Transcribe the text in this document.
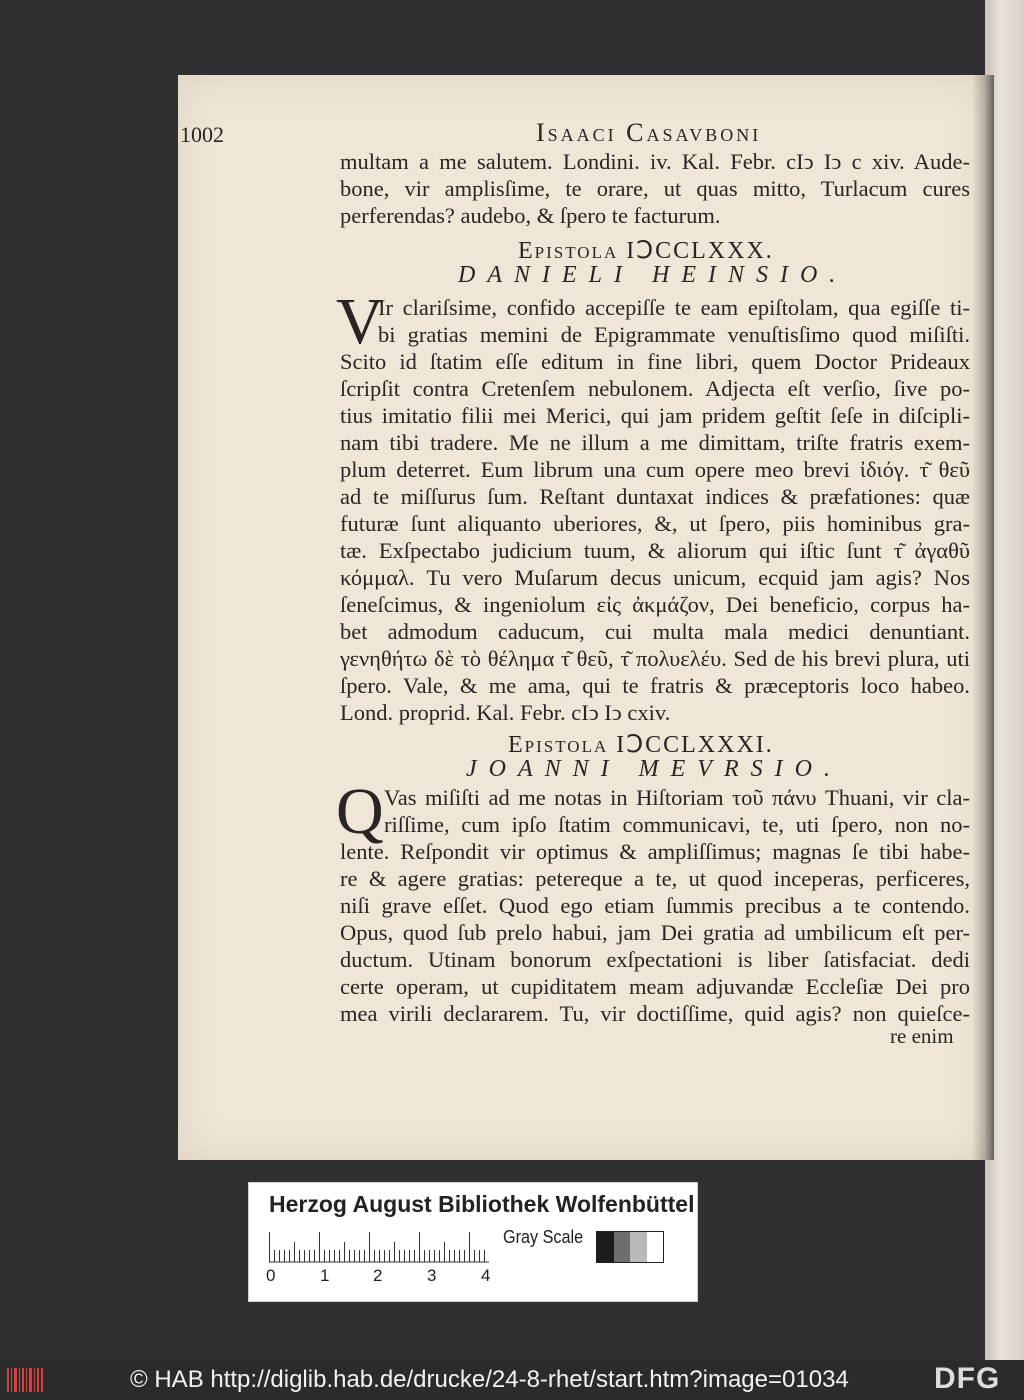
1002	Isaaci Casavboni
multam a me salutem. Londini. iv. Kal. Febr. cIↄ Iↄ c xiv. Aude-
bone, vir amplisſime, te orare, ut quas mitto, Turlacum cures
perferendas? audebo, & ſpero te facturum.
Epistola IↃCCLXXX.
DANIELI HEINSIO.
V
Ir clariſsime, confido accepiſſe te eam epiſtolam, qua egiſſe ti-
bi gratias memini de Epigrammate venuſtisſimo quod miſiſti.
Scito id ſtatim eſſe editum in fine libri, quem Doctor Prideaux
ſcripſit contra Cretenſem nebulonem. Adjecta eſt verſio, ſive po-
tius imitatio filii mei Merici, qui jam pridem geſtit ſeſe in diſcipli-
nam tibi tradere. Me ne illum a me dimittam, triſte fratris exem-
plum deterret. Eum librum una cum opere meo brevi ἰδιόγ. τ͂ θεῦ
ad te miſſurus ſum. Reſtant duntaxat indices & præfationes: quæ
futuræ ſunt aliquanto uberiores, &, ut ſpero, piis hominibus gra-
tæ. Exſpectabo judicium tuum, & aliorum qui iſtic ſunt τ͂ ἀγαθῦ
κόμμαλ. Tu vero Muſarum decus unicum, ecquid jam agis? Nos
ſeneſcimus, & ingeniolum εἰς ἀκμάζον, Dei beneficio, corpus ha-
bet admodum caducum, cui multa mala medici denuntiant.
γενηθήτω δὲ τὸ θέλημα τ͂ θεῦ, τ͂ πολυελέυ. Sed de his brevi plura, uti
ſpero. Vale, & me ama, qui te fratris & præceptoris loco habeo.
Lond. proprid. Kal. Febr. cIↄ Iↄ cxiv.
Epistola IↃCCLXXXI.
JOANNI MEVRSIO.
Q Vas miſiſti ad me notas in Hiſtoriam τοῦ πάνυ Thuani, vir cla-
riſſime, cum ipſo ſtatim communicavi, te, uti ſpero, non no-
lente. Reſpondit vir optimus & ampliſſimus; magnas ſe tibi habe-
re & agere gratias: petereque a te, ut quod inceperas, perficeres,
niſi grave eſſet. Quod ego etiam ſummis precibus a te contendo.
Opus, quod ſub prelo habui, jam Dei gratia ad umbilicum eſt per-
ductum. Utinam bonorum exſpectationi is liber ſatisfaciat. dedi
certe operam, ut cupiditatem meam adjuvandæ Eccleſiæ Dei pro
mea virili declararem. Tu, vir doctiſſime, quid agis? non quieſce-
re enim
Herzog August Bibliothek Wolfenbüttel
0	1	2	3	4
Gray Scale
© HAB http://diglib.hab.de/drucke/24-8-rhet/start.htm?image=01034	DFG
